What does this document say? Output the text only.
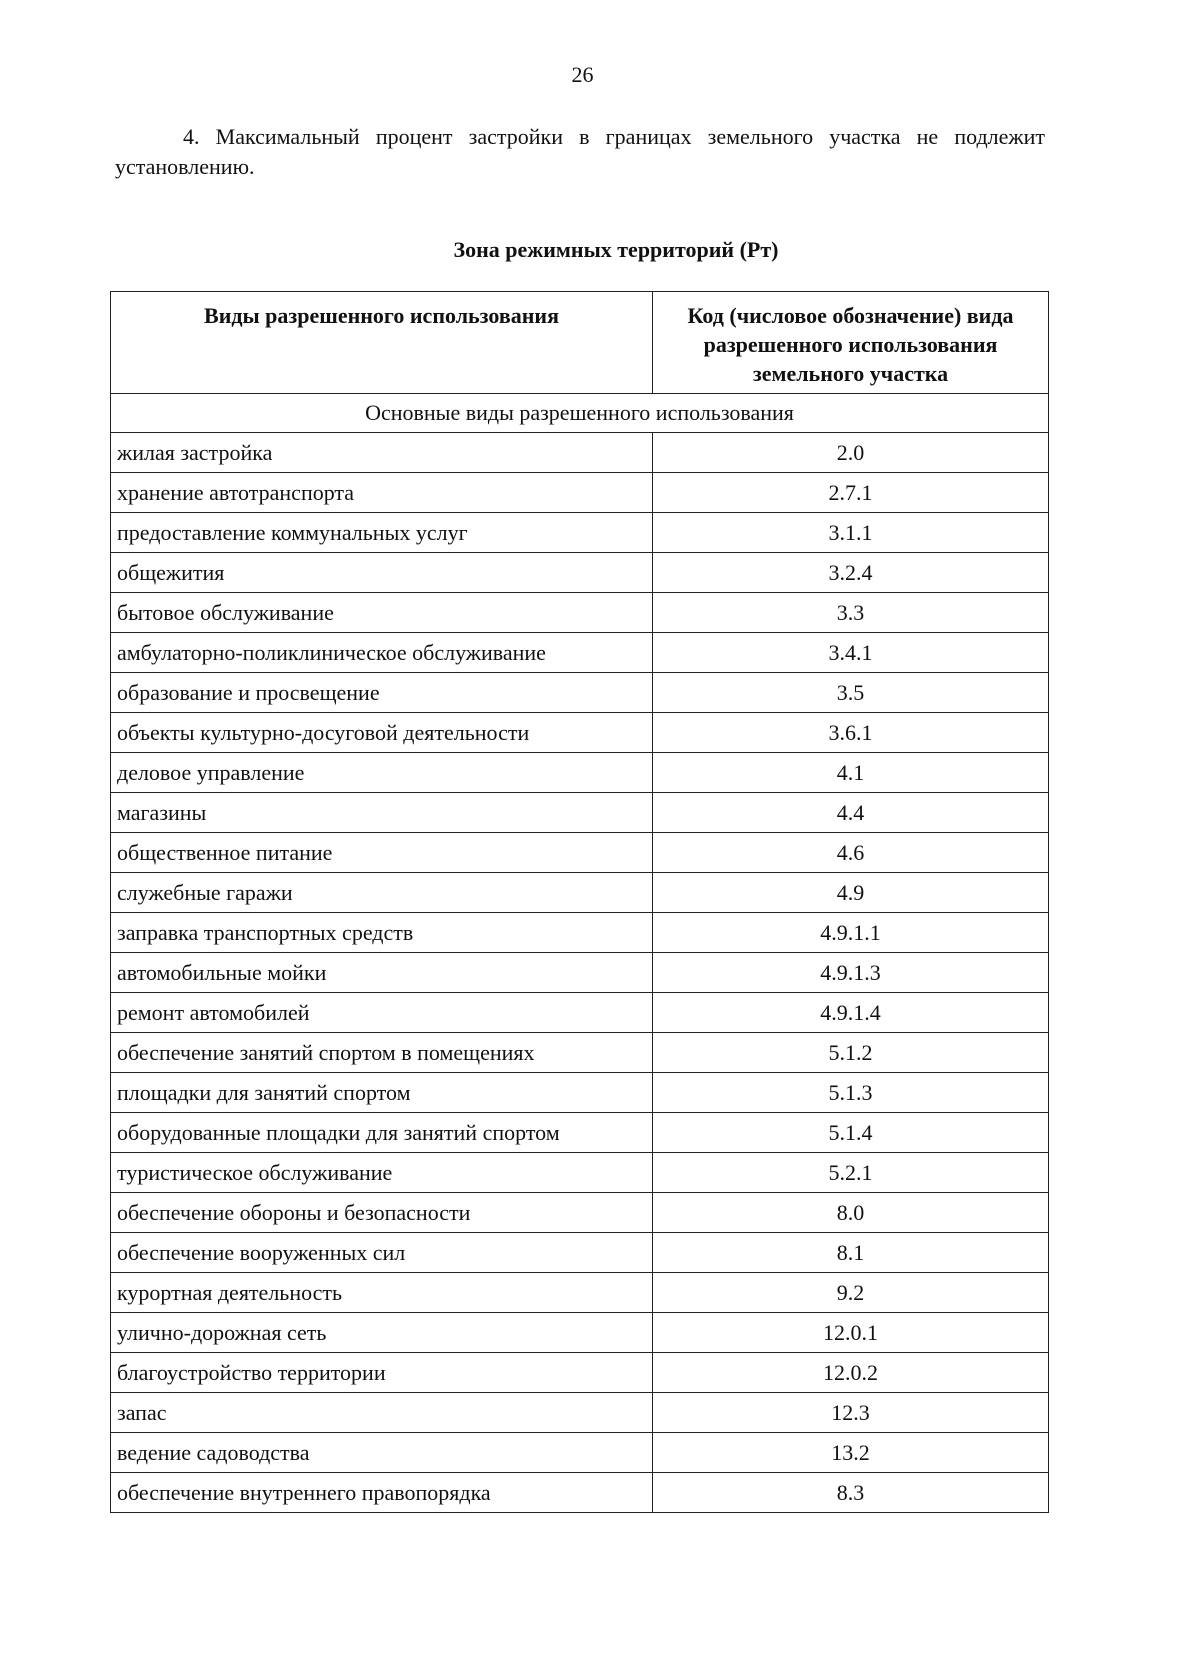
26
4. Максимальный процент застройки в границах земельного участка не подлежит установлению.
Зона режимных территорий (Рт)
Виды разрешенного использования	Код (числовое обозначение) вида разрешенного использования земельного участка
Основные виды разрешенного использования	
жилая застройка	2.0
хранение автотранспорта	2.7.1
предоставление коммунальных услуг	3.1.1
общежития	3.2.4
бытовое обслуживание	3.3
амбулаторно-поликлиническое обслуживание	3.4.1
образование и просвещение	3.5
объекты культурно-досуговой деятельности	3.6.1
деловое управление	4.1
магазины	4.4
общественное питание	4.6
служебные гаражи	4.9
заправка транспортных средств	4.9.1.1
автомобильные мойки	4.9.1.3
ремонт автомобилей	4.9.1.4
обеспечение занятий спортом в помещениях	5.1.2
площадки для занятий спортом	5.1.3
оборудованные площадки для занятий спортом	5.1.4
туристическое обслуживание	5.2.1
обеспечение обороны и безопасности	8.0
обеспечение вооруженных сил	8.1
курортная деятельность	9.2
улично-дорожная сеть	12.0.1
благоустройство территории	12.0.2
запас	12.3
ведение садоводства	13.2
обеспечение внутреннего правопорядка	8.3
